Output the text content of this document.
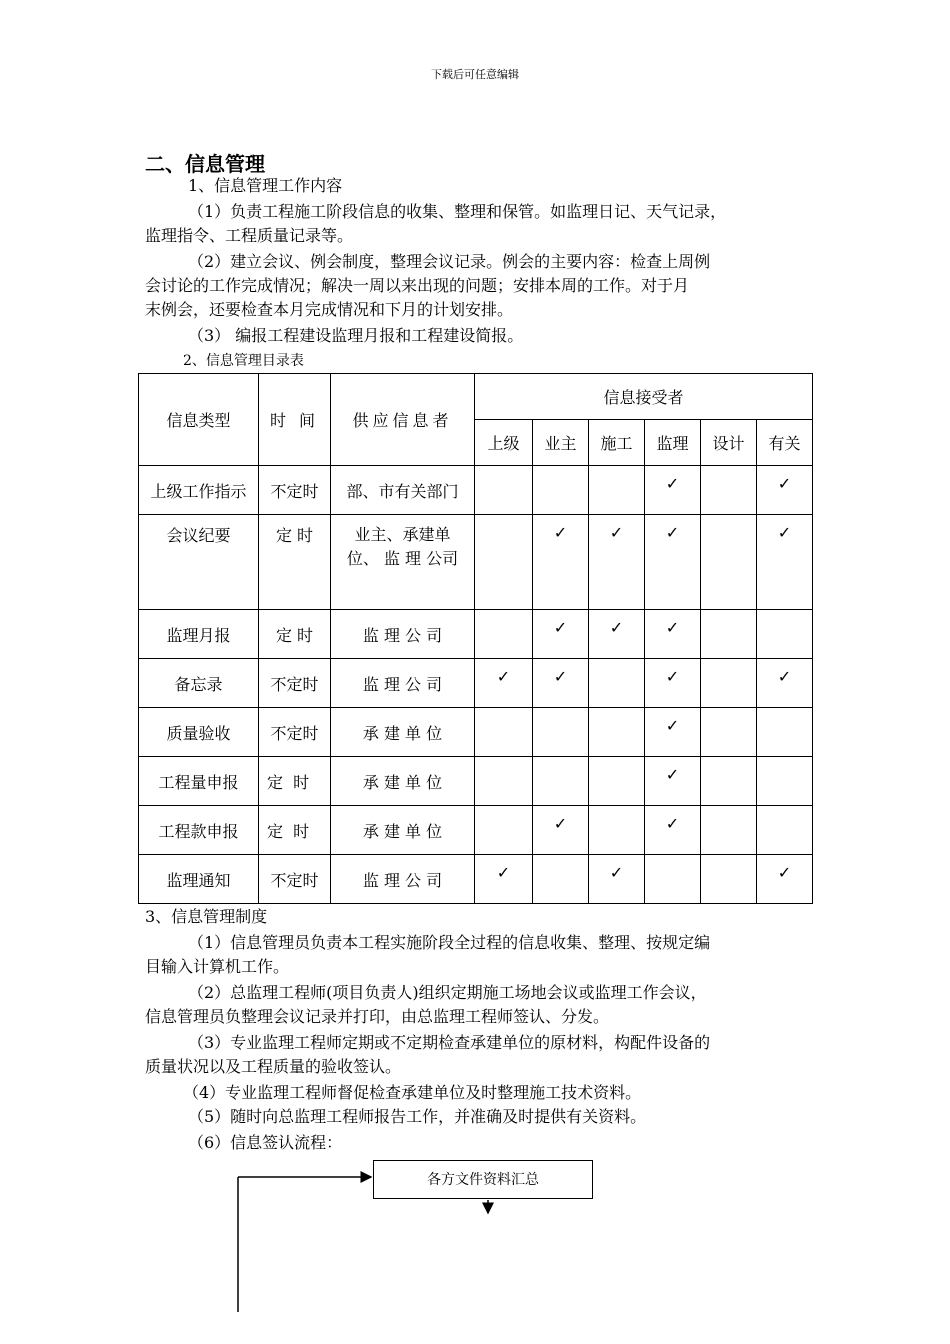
下载后可任意编辑
二、信息管理
1、信息管理工作内容
（1）负责工程施工阶段信息的收集、整理和保管。如监理日记、天气记录，
监理指令、工程质量记录等。
（2）建立会议、例会制度，整理会议记录。例会的主要内容：检查上周例
会讨论的工作完成情况；解决一周以来出现的问题；安排本周的工作。对于月
末例会，还要检查本月完成情况和下月的计划安排。
（3） 编报工程建设监理月报和工程建设简报。
2、信息管理目录表
信息类型	时 间	供应信息者	信息接受者					
			上级	业主	施工	监理	设计	有关
上级工作指示	不定时	部、市有关部门				✓		✓
会议纪要	定 时	业主、承建单位、 监 理 公司		✓	✓	✓		✓
监理月报	定 时	监 理 公 司		✓	✓	✓		
备忘录	不定时	监 理 公 司	✓	✓		✓		✓
质量验收	不定时	承 建 单 位				✓		
工程量申报	定  时	承 建 单 位				✓		
工程款申报	定  时	承 建 单 位		✓		✓		
监理通知	不定时	监 理 公 司	✓		✓			✓
3、信息管理制度
（1）信息管理员负责本工程实施阶段全过程的信息收集、整理、按规定编
目输入计算机工作。
（2）总监理工程师(项目负责人)组织定期施工场地会议或监理工作会议，
信息管理员负整理会议记录并打印，由总监理工程师签认、分发。
（3）专业监理工程师定期或不定期检查承建单位的原材料，构配件设备的
质量状况以及工程质量的验收签认。
（4）专业监理工程师督促检查承建单位及时整理施工技术资料。
（5）随时向总监理工程师报告工作，并准确及时提供有关资料。
（6）信息签认流程：
各方文件资料汇总
